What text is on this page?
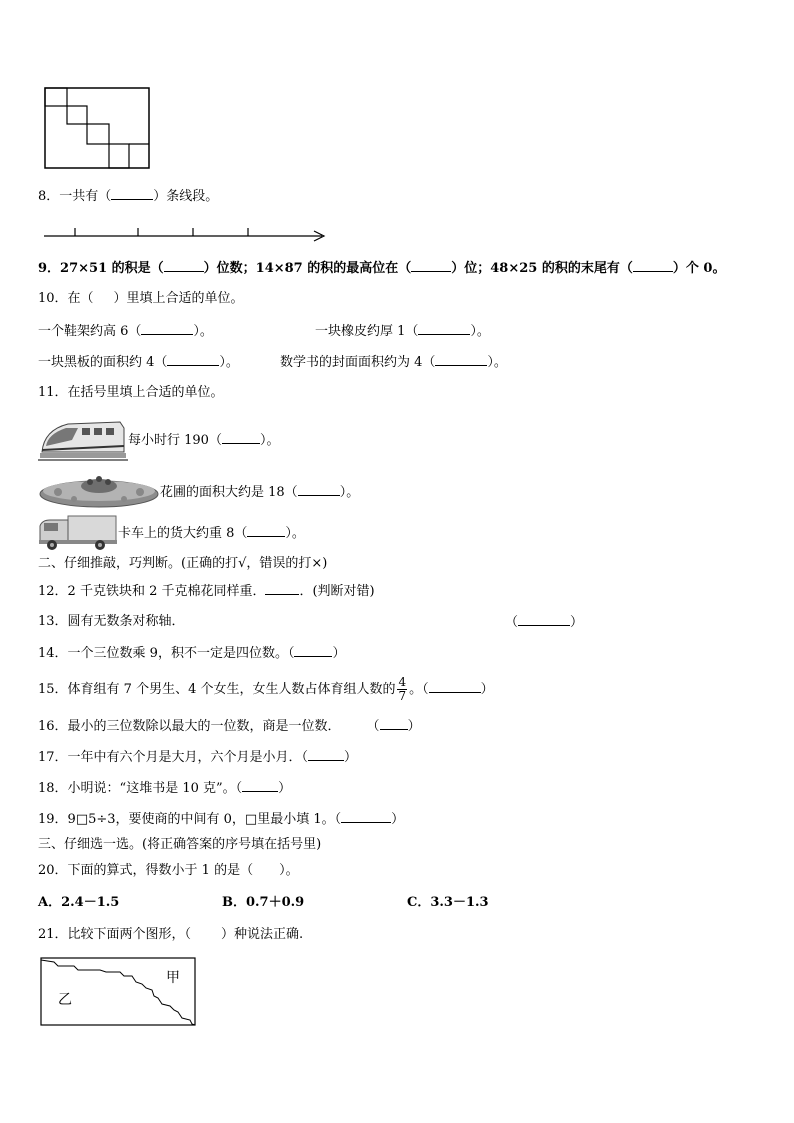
8．一共有（	）条线段。
9．27×51 的积是（	）位数；14×87 的积的最高位在（	）位；48×25 的积的末尾有（	）个 0。
10．在（ ）里填上合适的单位。
一个鞋架约高 6（	）。	一块橡皮约厚 1（	）。
一块黑板的面积约 4（	）。	数学书的封面面积约为 4（	）。
11．在括号里填上合适的单位。
每小时行 190（	）。
花圃的面积大约是 18（	）。
卡车上的货大约重 8（	）。
二、仔细推敲，巧判断。(正确的打√，错误的打×)
12．2 千克铁块和 2 千克棉花同样重．	．(判断对错)
13．圆有无数条对称轴．	（	）
14．一个三位数乘 9，积不一定是四位数。（	）
15．体育组有 7 个男生、4 个女生，女生人数占体育组人数的 $\frac{4}{7}$ 。（	）
16．最小的三位数除以最大的一位数，商是一位数． （ ）
17．一年中有六个月是大月，六个月是小月．（	）
18．小明说：“这堆书是 10 克”。（	）
19．9□5÷3，要使商的中间有 0，□里最小填 1。（	）
三、仔细选一选。(将正确答案的序号填在括号里)
20．下面的算式，得数小于 1 的是（ ）。
A．2.4－1.5	B．0.7＋0.9	C．3.3－1.3
21．比较下面两个图形，（ ）种说法正确.
甲
乙
